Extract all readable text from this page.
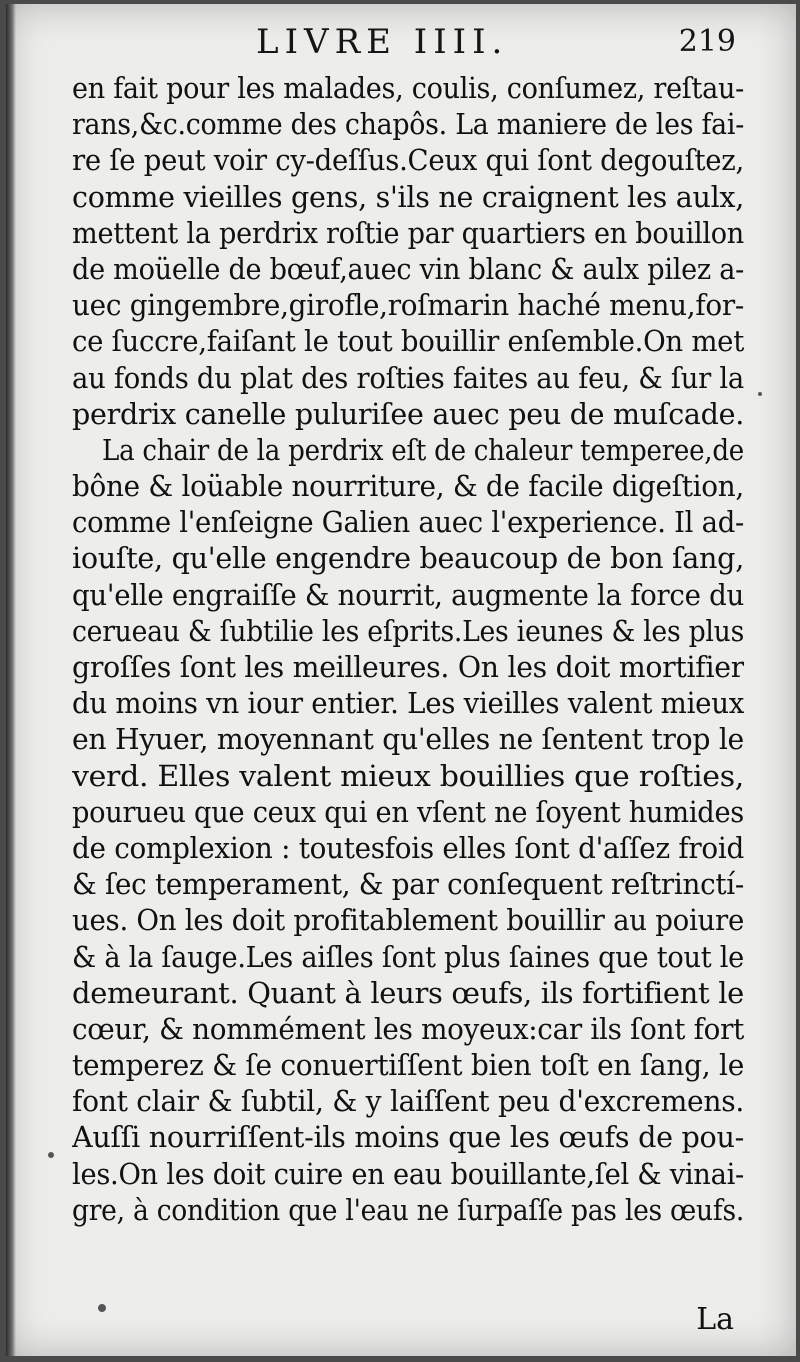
LIVRE IIII.	219
en fait pour les malades, coulis, conſumez, reſtau-
rans,&c.comme des chapôs. La maniere de les fai-
re ſe peut voir cy-deſſus.Ceux qui ſont degouſtez,
comme vieilles gens, s'ils ne craignent les aulx,
mettent la perdrix roſtie par quartiers en bouillon
de moüelle de bœuf,auec vin blanc & aulx pilez a-
uec gingembre,girofle,roſmarin haché menu,for-
ce ſuccre,faiſant le tout bouillir enſemble.On met
au fonds du plat des roſties faites au feu, & ſur la
perdrix canelle puluriſee auec peu de muſcade.
La chair de la perdrix eſt de chaleur temperee,de
bône & loüable nourriture, & de facile digeſtion,
comme l'enſeigne Galien auec l'experience. Il ad-
iouſte, qu'elle engendre beaucoup de bon ſang,
qu'elle engraiſſe & nourrit, augmente la force du
cerueau & ſubtilie les eſprits.Les ieunes & les plus
groſſes ſont les meilleures. On les doit mortifier
du moins vn iour entier. Les vieilles valent mieux
en Hyuer, moyennant qu'elles ne ſentent trop le
verd. Elles valent mieux bouillies que roſties,
pourueu que ceux qui en vſent ne ſoyent humides
de complexion : toutesfois elles ſont d'aſſez froid
& ſec temperament, & par conſequent reſtrinctí-
ues. On les doit profitablement bouillir au poiure
& à la ſauge.Les aiſles ſont plus ſaines que tout le
demeurant. Quant à leurs œufs, ils fortifient le
cœur, & nommément les moyeux:car ils ſont fort
temperez & ſe conuertiſſent bien toſt en ſang, le
font clair & ſubtil, & y laiſſent peu d'excremens.
Auſſi nourriſſent-ils moins que les œufs de pou-
les.On les doit cuire en eau bouillante,ſel & vinai-
gre, à condition que l'eau ne ſurpaſſe pas les œufs.
La
